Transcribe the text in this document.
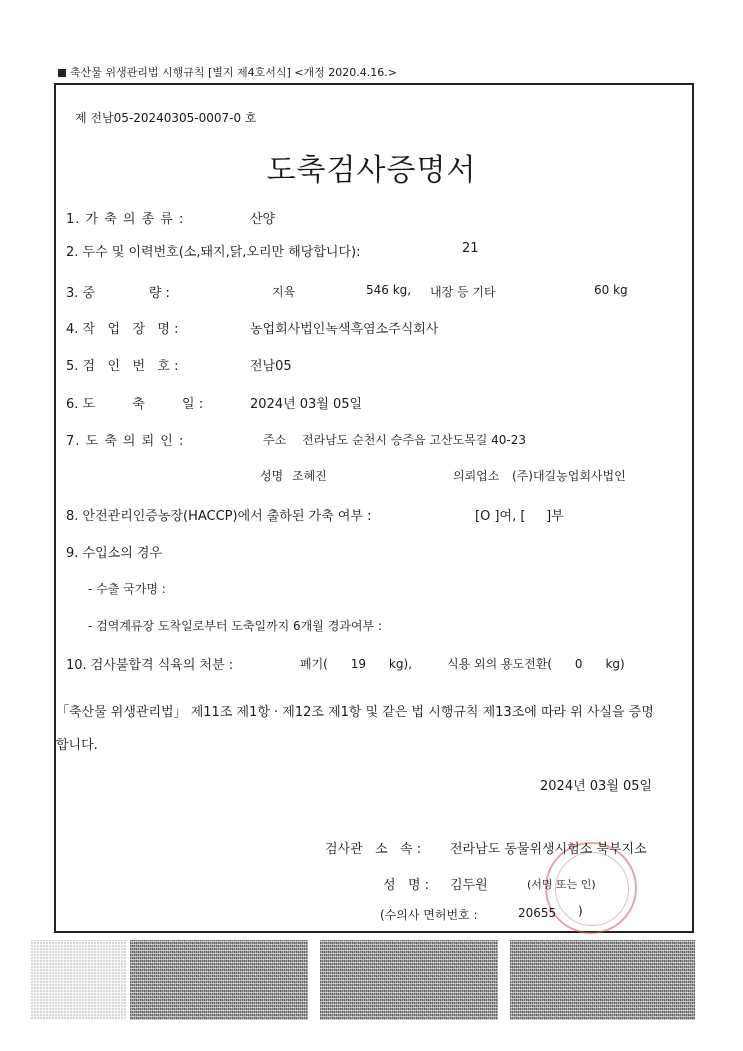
축산물 위생관리법 시행규칙 [별지 제4호서식] <개정 2020.4.16.>
제 전남05-20240305-0007-0 호
도축검사증명서
1. 가 축 의 종 류 :	산양
2. 두수 및 이력번호(소,돼지,닭,오리만 해당합니다):	21
3. 중             량 :	지육	546 kg, 내장 등 기타	60 kg
4. 작   업   장   명 :	농업회사법인녹색흑염소주식회사
5. 검   인   번   호 :	전남05
6. 도         축         일 :	2024년 03월 05일
7. 도 축 의 뢰 인 :	주소 전라남도 순천시 승주읍 고산도목길 40-23
성명 조혜진	의뢰업소 (주)대길농업회사법인
8. 안전관리인증농장(HACCP)에서 출하된 가축 여부 :	[O ]여, [     ]부
9. 수입소의 경우
- 수출 국가명 :
- 검역계류장 도착일로부터 도축일까지 6개월 경과여부 :
10. 검사불합격 식육의 처분 :	폐기(      19      kg),	식용 외의 용도전환(      0      kg)
「축산물 위생관리법」 제11조 제1항 · 제12조 제1항 및 같은 법 시행규칙 제13조에 따라 위 사실을 증명
합니다.
2024년 03월 05일
검사관   소   속 : 전라남도 동물위생시험소 북부지소
성   명 : 김두원	(서명 또는 인)
(수의사 면허번호 :	20655 )
